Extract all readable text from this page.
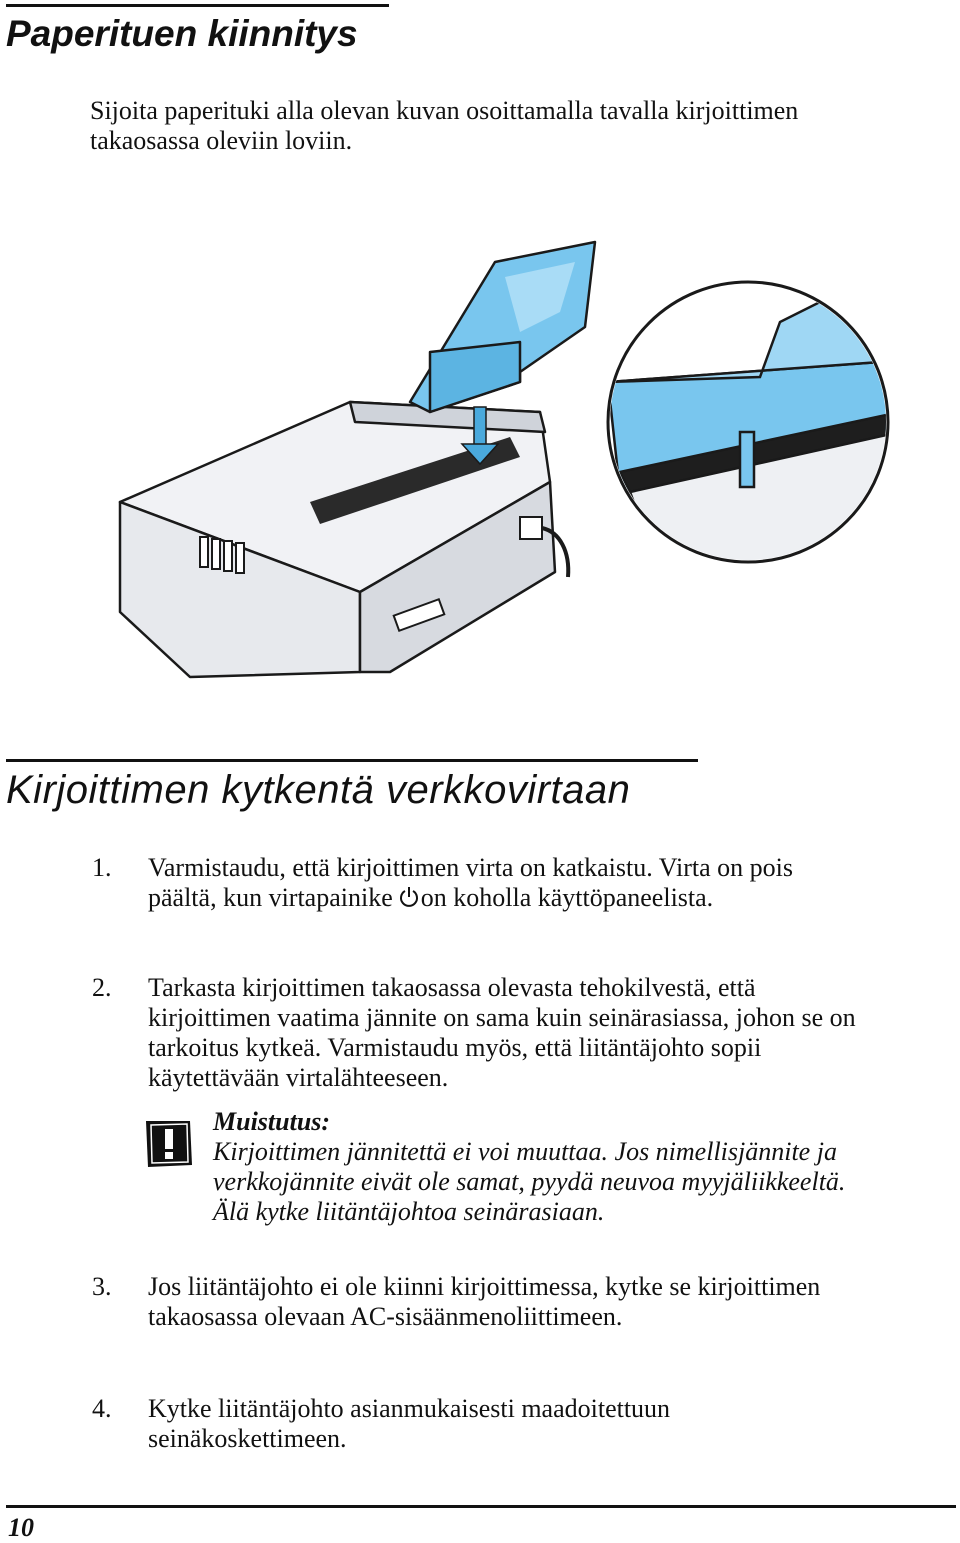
Paperituen kiinnitys
Sijoita paperituki alla olevan kuvan osoittamalla tavalla kirjoittimen
takaosassa oleviin loviin.
Kirjoittimen kytkentä verkkovirtaan
1. Varmistaudu, että kirjoittimen virta on katkaistu. Virta on pois
päältä, kun virtapainike on koholla käyttöpaneelista.
2. Tarkasta kirjoittimen takaosassa olevasta tehokilvestä, että
kirjoittimen vaatima jännite on sama kuin seinärasiassa, johon se on
tarkoitus kytkeä. Varmistaudu myös, että liitäntäjohto sopii
käytettävään virtalähteeseen.
Muistutus:
Kirjoittimen jännitettä ei voi muuttaa. Jos nimellisjännite ja
verkkojännite eivät ole samat, pyydä neuvoa myyjäliikkeeltä.
Älä kytke liitäntäjohtoa seinärasiaan.
3. Jos liitäntäjohto ei ole kiinni kirjoittimessa, kytke se kirjoittimen
takaosassa olevaan AC-sisäänmenoliittimeen.
4. Kytke liitäntäjohto asianmukaisesti maadoitettuun
seinäkoskettimeen.
10
